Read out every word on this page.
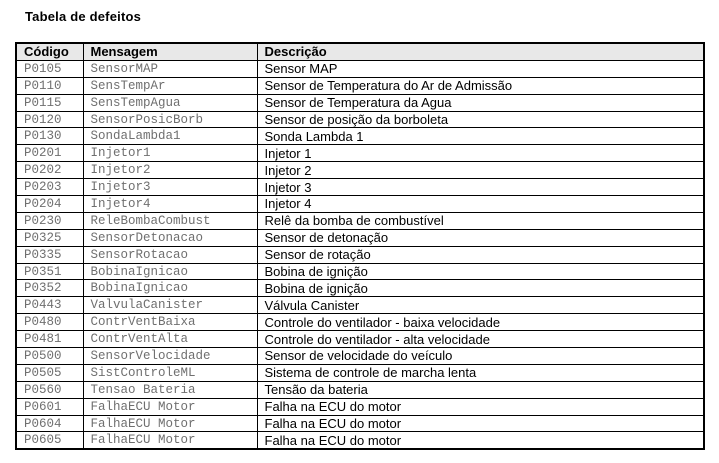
Tabela de defeitos
Código	Mensagem	Descrição
P0105	SensorMAP	Sensor MAP
P0110	SensTempAr	Sensor de Temperatura do Ar de Admissão
P0115	SensTempAgua	Sensor de Temperatura da Agua
P0120	SensorPosicBorb	Sensor de posição da borboleta
P0130	SondaLambda1	Sonda Lambda 1
P0201	Injetor1	Injetor 1
P0202	Injetor2	Injetor 2
P0203	Injetor3	Injetor 3
P0204	Injetor4	Injetor 4
P0230	ReleBombaCombust	Relê da bomba de combustível
P0325	SensorDetonacao	Sensor de detonação
P0335	SensorRotacao	Sensor de rotação
P0351	BobinaIgnicao	Bobina de ignição
P0352	BobinaIgnicao	Bobina de ignição
P0443	ValvulaCanister	Válvula Canister
P0480	ContrVentBaixa	Controle do ventilador - baixa velocidade
P0481	ContrVentAlta	Controle do ventilador - alta velocidade
P0500	SensorVelocidade	Sensor de velocidade do veículo
P0505	SistControleML	Sistema de controle de marcha lenta
P0560	Tensao Bateria	Tensão da bateria
P0601	FalhaECU Motor	Falha na ECU do motor
P0604	FalhaECU Motor	Falha na ECU do motor
P0605	FalhaECU Motor	Falha na ECU do motor
